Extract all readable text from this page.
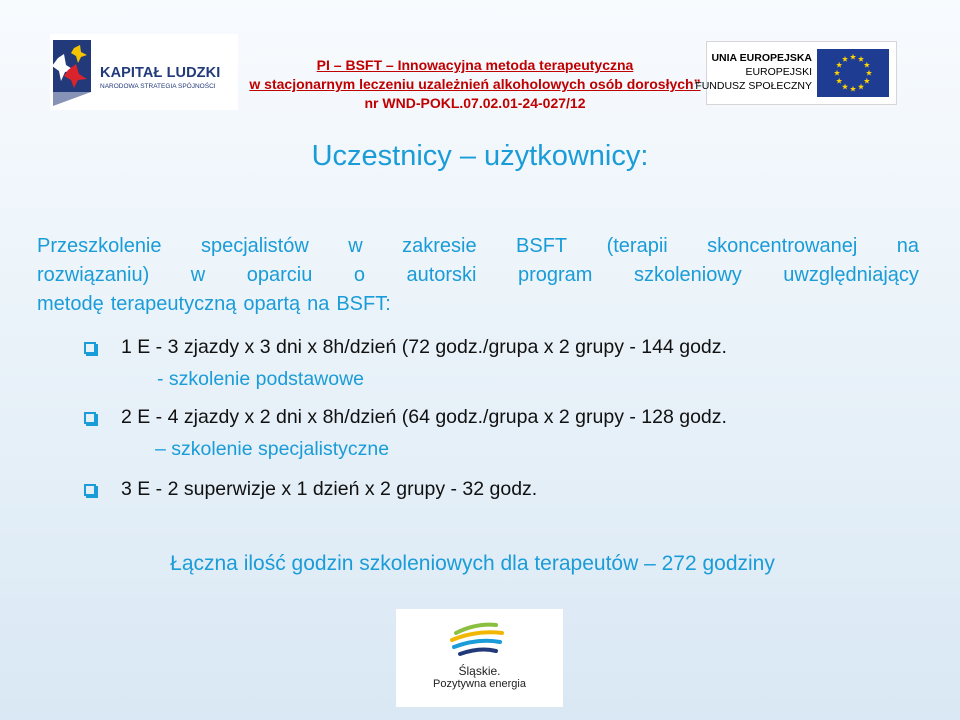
KAPITAŁ LUDZKI
NARODOWA STRATEGIA SPÓJNOŚCI
PI – BSFT – Innowacyjna metoda terapeutyczna
w stacjonarnym leczeniu uzależnień alkoholowych osób dorosłych”
nr WND-POKL.07.02.01-24-027/12
UNIA EUROPEJSKA
EUROPEJSKI
FUNDUSZ SPOŁECZNY
Uczestnicy – użytkownicy:
Przeszkolenie specjalistów w zakresie BSFT (terapii skoncentrowanej na
rozwiązaniu) w oparciu o autorski program szkoleniowy uwzględniający
metodę terapeutyczną opartą na BSFT:
1 E - 3 zjazdy x 3 dni x 8h/dzień (72 godz./grupa x 2 grupy - 144 godz.
- szkolenie podstawowe
2 E - 4 zjazdy x 2 dni x 8h/dzień (64 godz./grupa x 2 grupy - 128 godz.
– szkolenie specjalistyczne
3 E - 2 superwizje x 1 dzień x 2 grupy - 32 godz.
Łączna ilość godzin szkoleniowych dla terapeutów – 272 godziny
Śląskie.
Pozytywna energia
